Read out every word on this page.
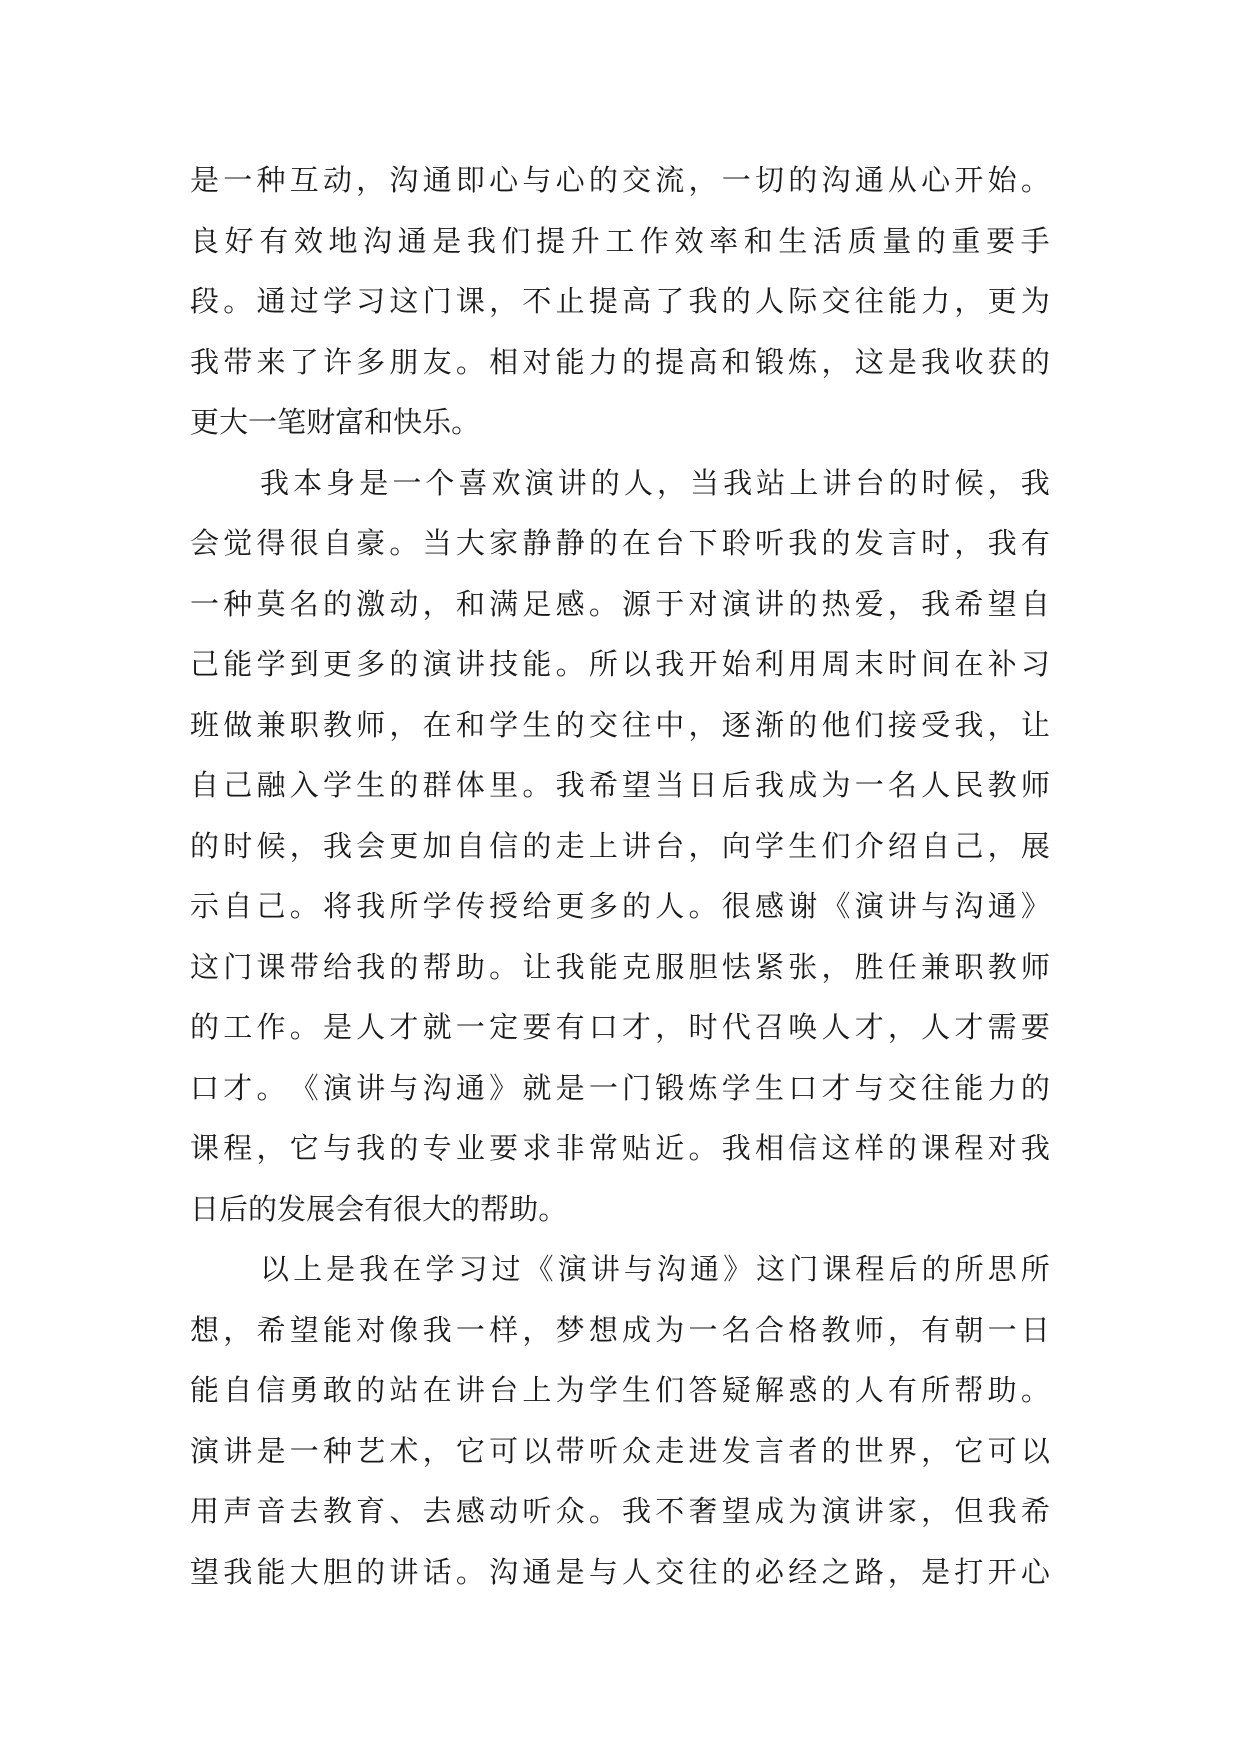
是 一 种 互 动 ， 沟 通 即 心 与 心 的 交 流 ， 一 切 的 沟 通 从 心 开 始 。
良 好 有 效 地 沟 通 是 我 们 提 升 工 作 效 率 和 生 活 质 量 的 重 要 手
段 。 通 过 学 习 这 门 课 ， 不 止 提 高 了 我 的 人 际 交 往 能 力 ， 更 为
我 带 来 了 许 多 朋 友 。 相 对 能 力 的 提 高 和 锻 炼 ， 这 是 我 收 获 的
更 大 一 笔 财 富 和 快 乐 。
我 本 身 是 一 个 喜 欢 演 讲 的 人 ， 当 我 站 上 讲 台 的 时 候 ， 我
会 觉 得 很 自 豪 。 当 大 家 静 静 的 在 台 下 聆 听 我 的 发 言 时 ， 我 有
一 种 莫 名 的 激 动 ， 和 满 足 感 。 源 于 对 演 讲 的 热 爱 ， 我 希 望 自
己 能 学 到 更 多 的 演 讲 技 能 。 所 以 我 开 始 利 用 周 末 时 间 在 补 习
班 做 兼 职 教 师 ， 在 和 学 生 的 交 往 中 ， 逐 渐 的 他 们 接 受 我 ， 让
自 己 融 入 学 生 的 群 体 里 。 我 希 望 当 日 后 我 成 为 一 名 人 民 教 师
的 时 候 ， 我 会 更 加 自 信 的 走 上 讲 台 ， 向 学 生 们 介 绍 自 己 ， 展
示 自 己 。 将 我 所 学 传 授 给 更 多 的 人 。 很 感 谢 《 演 讲 与 沟 通 》
这 门 课 带 给 我 的 帮 助 。 让 我 能 克 服 胆 怯 紧 张 ， 胜 任 兼 职 教 师
的 工 作 。 是 人 才 就 一 定 要 有 口 才 ， 时 代 召 唤 人 才 ， 人 才 需 要
口 才 。 《 演 讲 与 沟 通 》 就 是 一 门 锻 炼 学 生 口 才 与 交 往 能 力 的
课 程 ， 它 与 我 的 专 业 要 求 非 常 贴 近 。 我 相 信 这 样 的 课 程 对 我
日 后 的 发 展 会 有 很 大 的 帮 助 。
以 上 是 我 在 学 习 过 《 演 讲 与 沟 通 》 这 门 课 程 后 的 所 思 所
想 ， 希 望 能 对 像 我 一 样 ， 梦 想 成 为 一 名 合 格 教 师 ， 有 朝 一 日
能 自 信 勇 敢 的 站 在 讲 台 上 为 学 生 们 答 疑 解 惑 的 人 有 所 帮 助 。
演 讲 是 一 种 艺 术 ， 它 可 以 带 听 众 走 进 发 言 者 的 世 界 ， 它 可 以
用 声 音 去 教 育 、 去 感 动 听 众 。 我 不 奢 望 成 为 演 讲 家 ， 但 我 希
望 我 能 大 胆 的 讲 话 。 沟 通 是 与 人 交 往 的 必 经 之 路 ， 是 打 开 心
